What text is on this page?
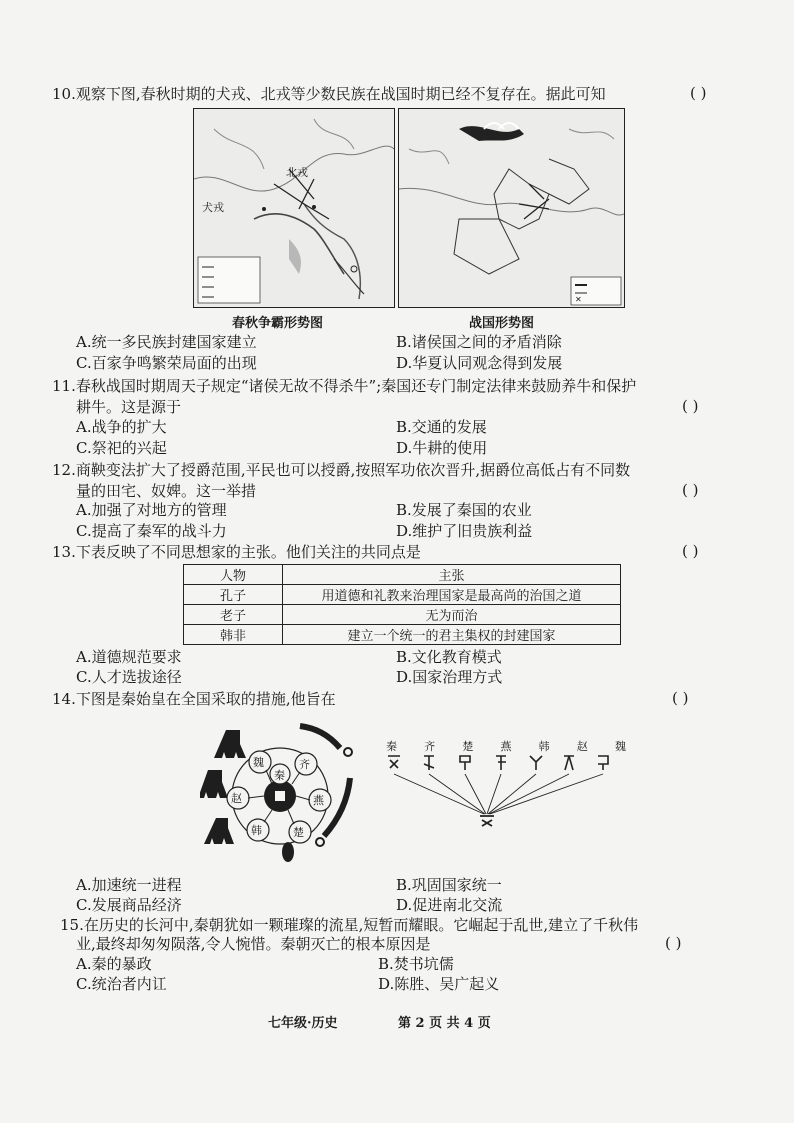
10.观察下图,春秋时期的犬戎、北戎等少数民族在战国时期已经不复存在。据此可知	( )
北戎
犬戎
春秋争霸形势图
✕
战国形势图
A.统一多民族封建国家建立	B.诸侯国之间的矛盾消除
C.百家争鸣繁荣局面的出现	D.华夏认同观念得到发展
11.春秋战国时期周天子规定“诸侯无故不得杀牛”;秦国还专门制定法律来鼓励养牛和保护
耕牛。这是源于	( )
A.战争的扩大	B.交通的发展
C.祭祀的兴起	D.牛耕的使用
12.商鞅变法扩大了授爵范围,平民也可以授爵,按照军功依次晋升,据爵位高低占有不同数
量的田宅、奴婢。这一举措	( )
A.加强了对地方的管理	B.发展了秦国的农业
C.提高了秦军的战斗力	D.维护了旧贵族利益
13.下表反映了不同思想家的主张。他们关注的共同点是	( )
人物	主张
孔子	用道德和礼教来治理国家是最高尚的治国之道
老子	无为而治
韩非	建立一个统一的君主集权的封建国家
A.道德规范要求	B.文化教育模式
C.人才选拔途径	D.国家治理方式
14.下图是秦始皇在全国采取的措施,他旨在	( )
魏
秦
齐
赵	燕
韩	楚
秦 齐 楚 燕 韩 赵 魏
A.加速统一进程	B.巩固国家统一
C.发展商品经济	D.促进南北交流
15.在历史的长河中,秦朝犹如一颗璀璨的流星,短暂而耀眼。它崛起于乱世,建立了千秋伟
业,最终却匆匆陨落,令人惋惜。秦朝灭亡的根本原因是	( )
A.秦的暴政	B.焚书坑儒
C.统治者内讧	D.陈胜、吴广起义
七年级·历史	第 2 页 共 4 页
